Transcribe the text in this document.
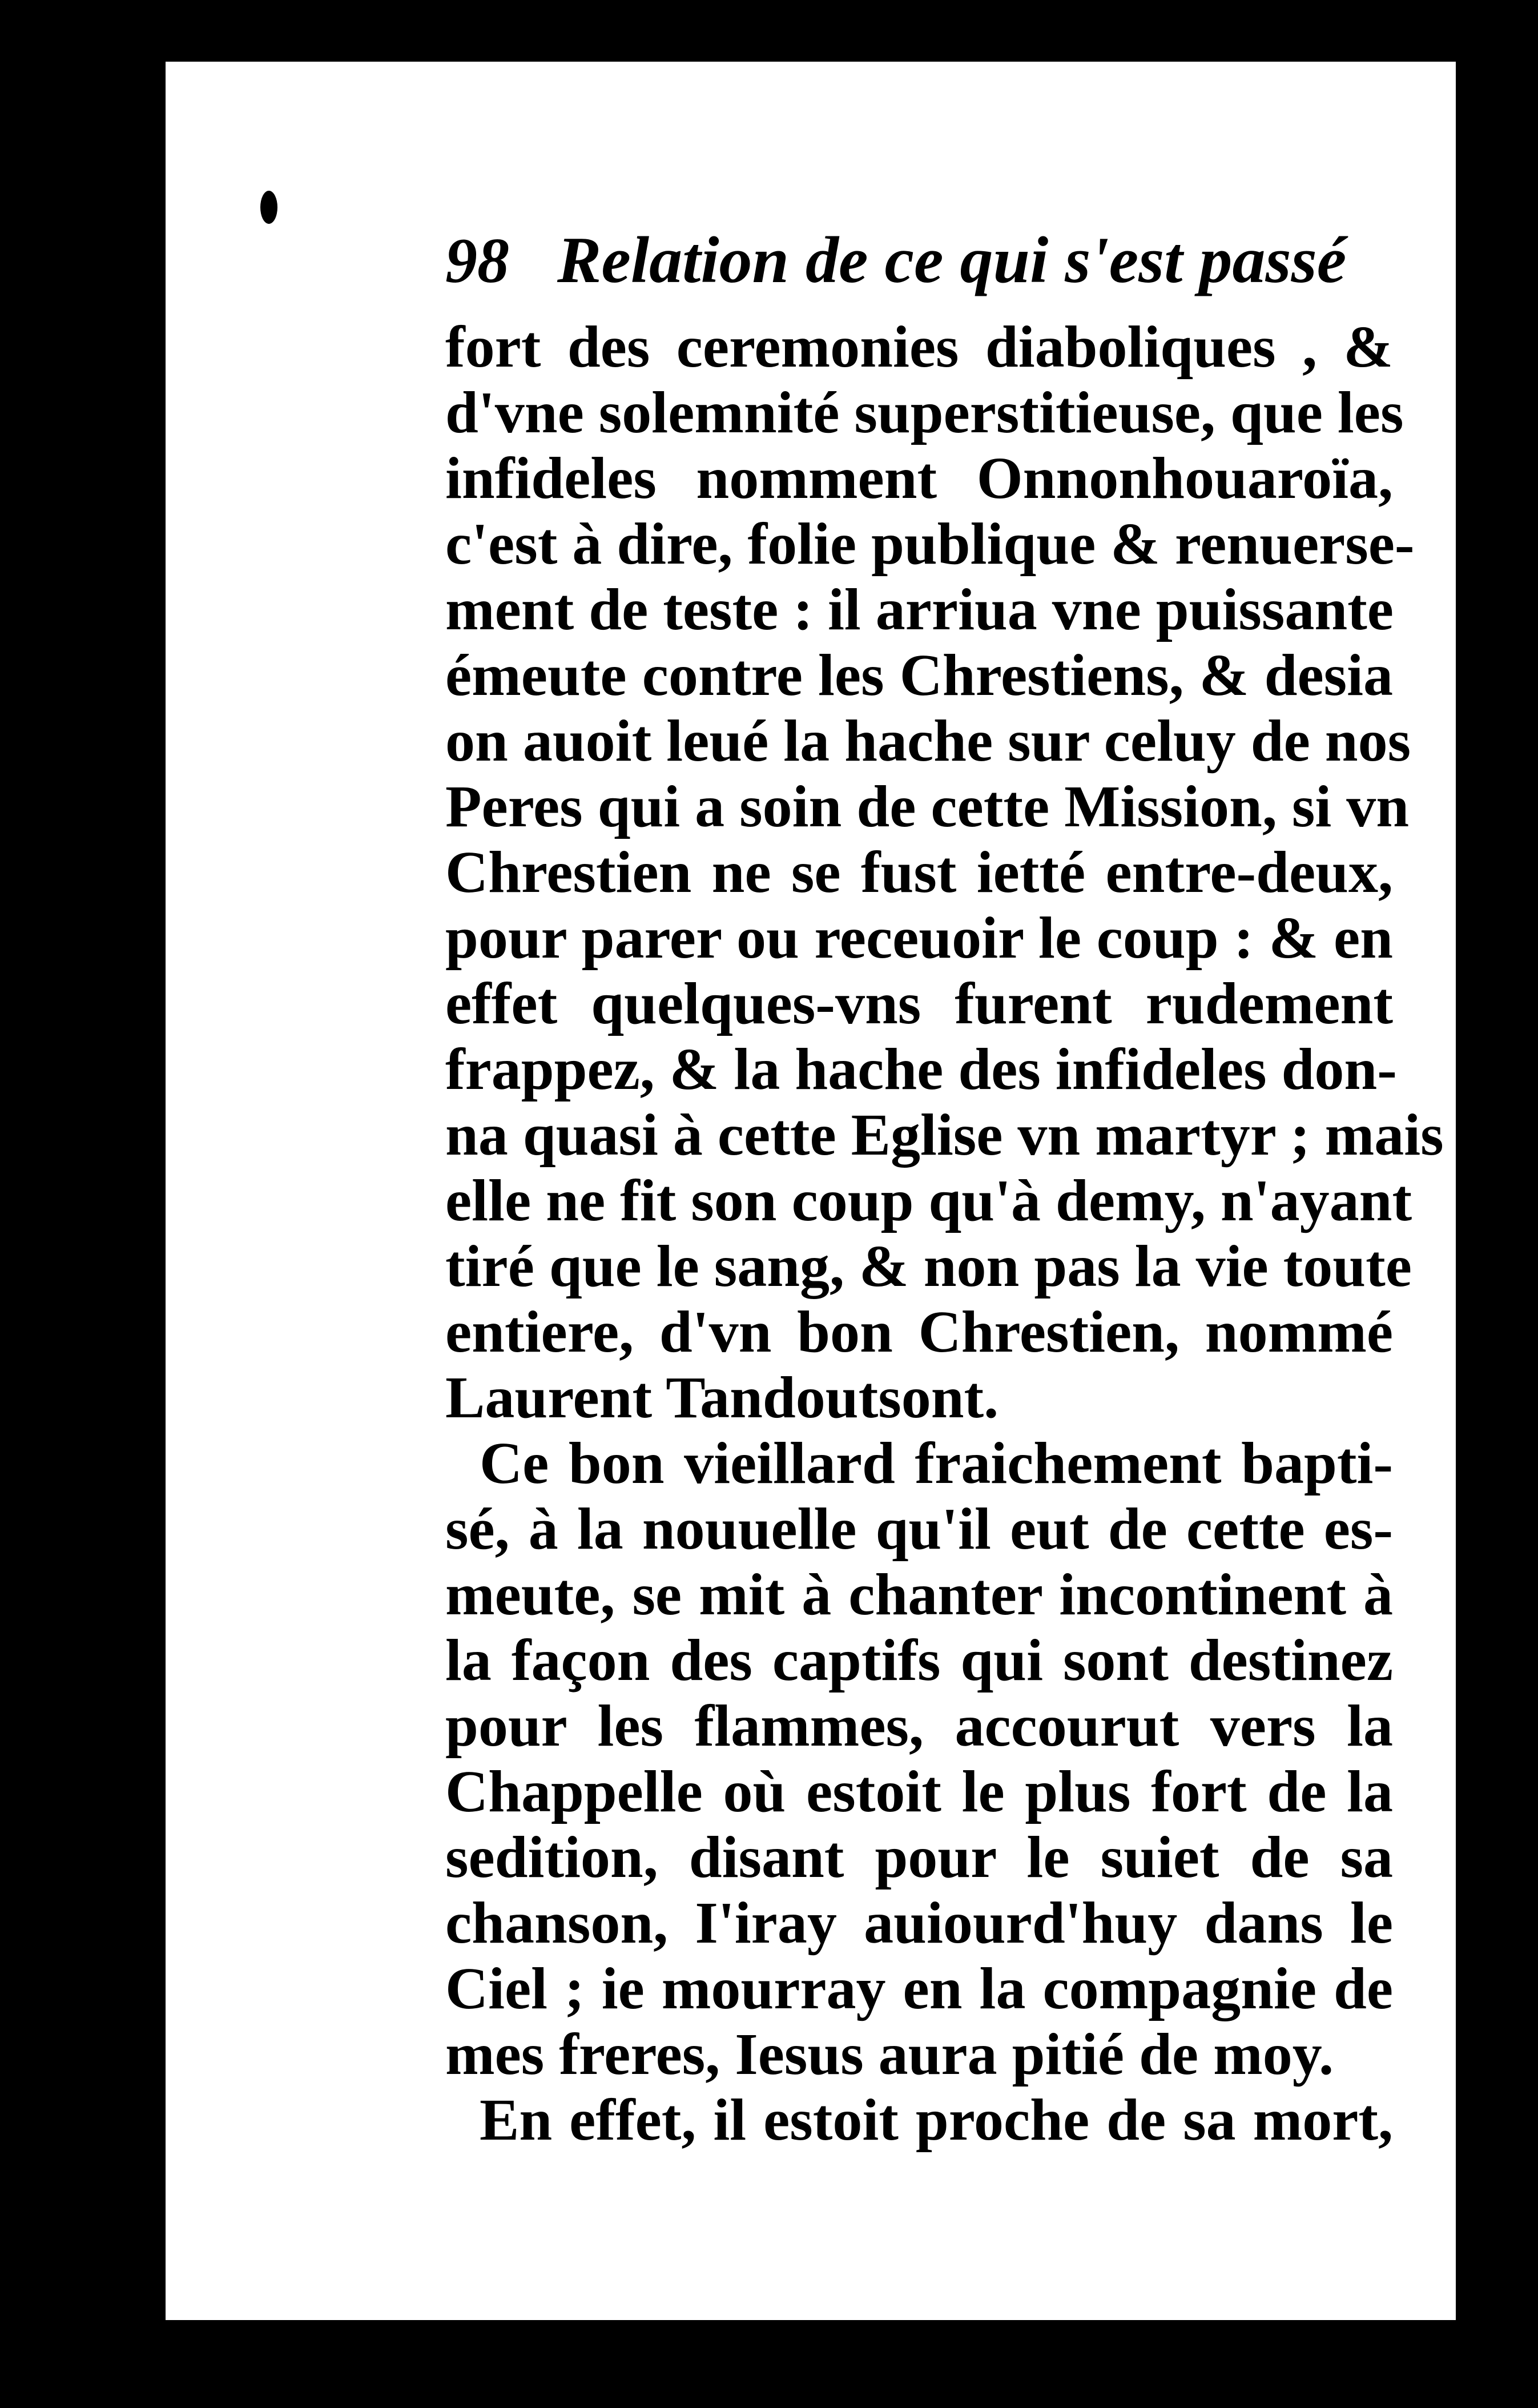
98 Relation de ce qui s'est passé
fort des ceremonies diaboliques , &
d'vne solemnité superstitieuse, que les
infideles nomment Onnonhouaroïa,
c'est à dire, folie publique & renuerse-
ment de teste : il arriua vne puissante
émeute contre les Chrestiens, & desia
on auoit leué la hache sur celuy de nos
Peres qui a soin de cette Mission, si vn
Chrestien ne se fust ietté entre-deux,
pour parer ou receuoir le coup : & en
effet quelques-vns furent rudement
frappez, & la hache des infideles don-
na quasi à cette Eglise vn martyr ; mais
elle ne fit son coup qu'à demy, n'ayant
tiré que le sang, & non pas la vie toute
entiere, d'vn bon Chrestien, nommé
Laurent Tandoutsont.
Ce bon vieillard fraichement bapti-
sé, à la nouuelle qu'il eut de cette es-
meute, se mit à chanter incontinent à
la façon des captifs qui sont destinez
pour les flammes, accourut vers la
Chappelle où estoit le plus fort de la
sedition, disant pour le suiet de sa
chanson, I'iray auiourd'huy dans le
Ciel ; ie mourray en la compagnie de
mes freres, Iesus aura pitié de moy.
En effet, il estoit proche de sa mort,
